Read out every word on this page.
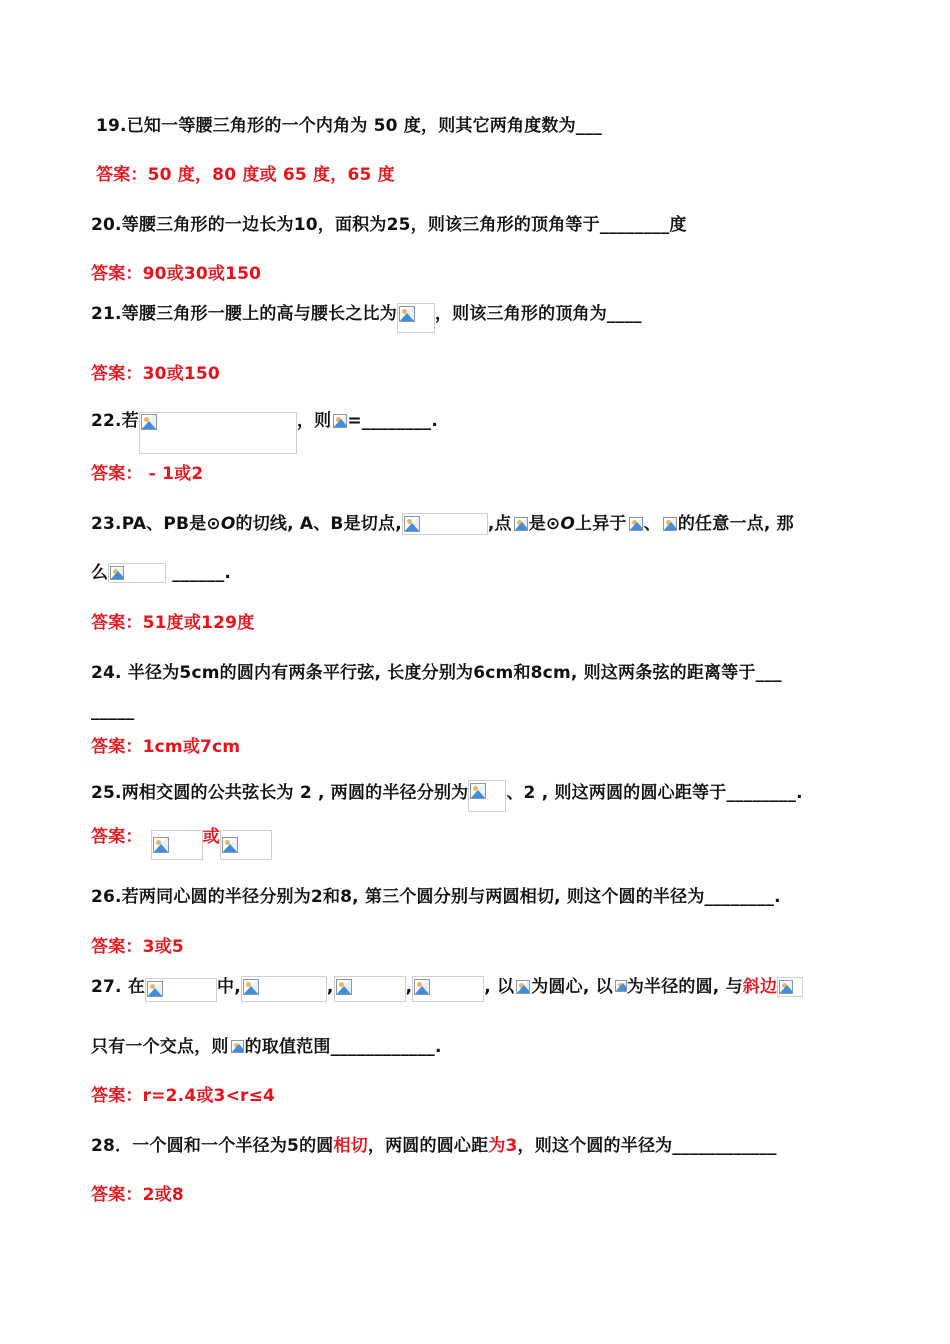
19.已知一等腰三角形的一个内角为 50 度，则其它两角度数为___
答案：50 度，80 度或 65 度，65 度
20.等腰三角形的一边长为10，面积为25，则该三角形的顶角等于________度
答案：90或30或150
21.等腰三角形一腰上的高与腰长之比为 ，则该三角形的顶角为____
答案：30或150
22.若	，则 =________.
答案： - 1或2
23.PA、PB是⊙O的切线, A、B是切点,	,点 是⊙O上异于 、 的任意一点, 那
么	______.
答案：51度或129度
24. 半径为5cm的圆内有两条平行弦, 长度分别为6cm和8cm, 则这两条弦的距离等于___
_____
答案：1cm或7cm
25.两相交圆的公共弦长为 2 , 两圆的半径分别为 、2 , 则这两圆的圆心距等于________.
答案：	或
26.若两同心圆的半径分别为2和8, 第三个圆分别与两圆相切, 则这个圆的半径为________.
答案：3或5
27. 在	中,	,	,	, 以 为圆心, 以 为半径的圆, 与斜边
只有一个交点，则 的取值范围____________.
答案：r=2.4或3<r≤4
28．一个圆和一个半径为5的圆相切，两圆的圆心距为3，则这个圆的半径为____________
答案：2或8
